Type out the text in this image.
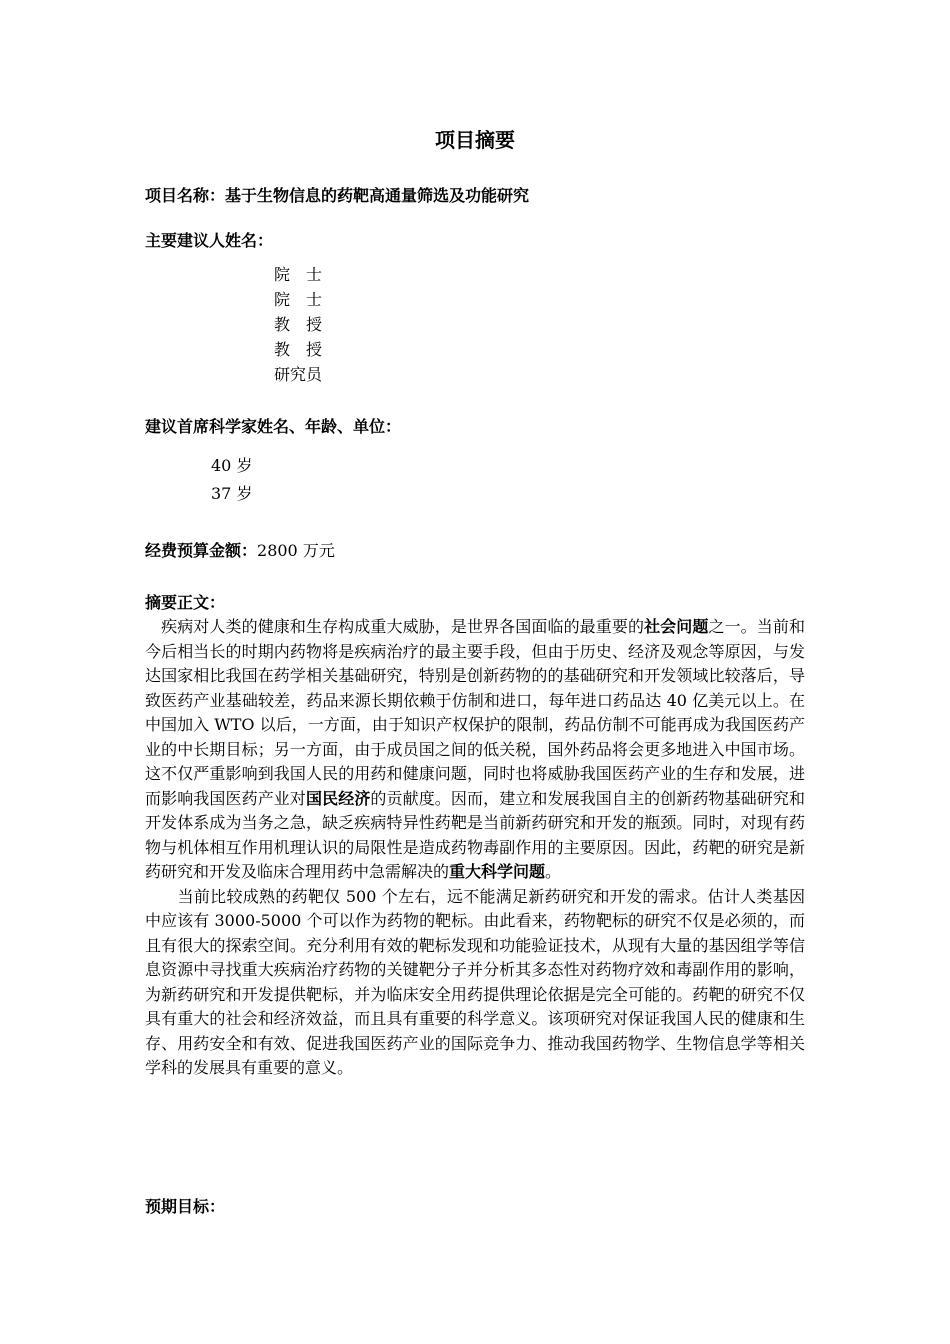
项目摘要
项目名称：基于生物信息的药靶高通量筛选及功能研究
主要建议人姓名：
院　士
院　士
教　授
教　授
研究员
建议首席科学家姓名、年龄、单位：
40 岁
37 岁
经费预算金额：2800 万元
摘要正文：

　疾病对人类的健康和生存构成重大威胁，是世界各国面临的最重要的社会问题之一。当前和今后相当长的时期内药物将是疾病治疗的最主要手段，但由于历史、经济及观念等原因，与发达国家相比我国在药学相关基础研究，特别是创新药物的的基础研究和开发领域比较落后，导致医药产业基础较差，药品来源长期依赖于仿制和进口，每年进口药品达 40 亿美元以上。在中国加入 WTO 以后，一方面，由于知识产权保护的限制，药品仿制不可能再成为我国医药产业的中长期目标；另一方面，由于成员国之间的低关税，国外药品将会更多地进入中国市场。这不仅严重影响到我国人民的用药和健康问题，同时也将威胁我国医药产业的生存和发展，进而影响我国医药产业对国民经济的贡献度。因而，建立和发展我国自主的创新药物基础研究和开发体系成为当务之急，缺乏疾病特异性药靶是当前新药研究和开发的瓶颈。同时，对现有药物与机体相互作用机理认识的局限性是造成药物毒副作用的主要原因。因此，药靶的研究是新药研究和开发及临床合理用药中急需解决的重大科学问题。

　　当前比较成熟的药靶仅 500 个左右，远不能满足新药研究和开发的需求。估计人类基因中应该有 3000-5000 个可以作为药物的靶标。由此看来，药物靶标的研究不仅是必须的，而且有很大的探索空间。充分利用有效的靶标发现和功能验证技术，从现有大量的基因组学等信息资源中寻找重大疾病治疗药物的关键靶分子并分析其多态性对药物疗效和毒副作用的影响，为新药研究和开发提供靶标，并为临床安全用药提供理论依据是完全可能的。药靶的研究不仅具有重大的社会和经济效益，而且具有重要的科学意义。该项研究对保证我国人民的健康和生存、用药安全和有效、促进我国医药产业的国际竞争力、推动我国药物学、生物信息学等相关学科的发展具有重要的意义。

预期目标：
